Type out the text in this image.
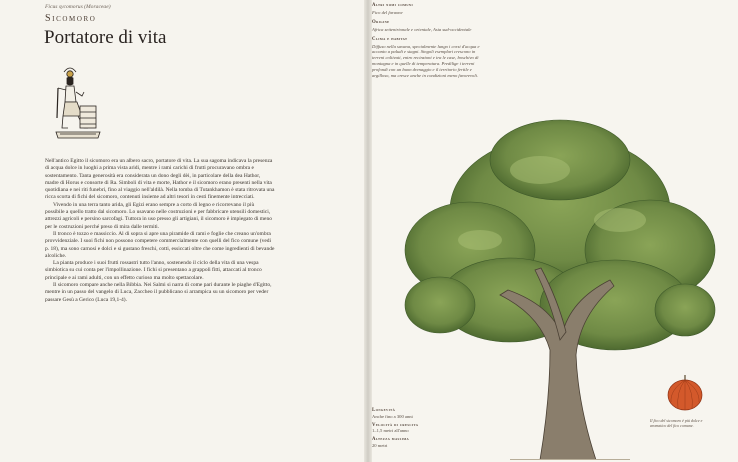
Ficus sycomorus (Moraceae)
Sicomoro
Portatore di vita

Nell'antico Egitto il sicomoro era un albero sacro, portatore di vita. La sua sagoma indicava la presenza di acqua dolce in luoghi a prima vista aridi, mentre i rami carichi di frutti procuravano ombra e sostentamento. Tanta generosità era considerata un dono degli dèi, in particolare della dea Hathor, madre di Horus e consorte di Ra. Simboli di vita e morte, Hathor e il sicomoro erano presenti nella vita quotidiana e nei riti funebri, fino al viaggio nell'aldilà. Nella tomba di Tutankhamon è stata ritrovata una ricca scorta di fichi del sicomoro, contenuti insieme ad altri tesori in cesti finemente intrecciati.

Vivendo in una terra tanto arida, gli Egizi erano sempre a corto di legno e ricorrevano il più possibile a quello tratto dal sicomoro. Lo usavano nelle costruzioni e per fabbricare utensili domestici, attrezzi agricoli e persino sarcofagi. Tuttora in uso presso gli artigiani, il sicomoro è impiegato di meno per le costruzioni perché preso di mira dalle termiti.

Il tronco è tozzo e massiccio. Al di sopra si apre una piramide di rami e foglie che creano un'ombra provvidenziale. I suoi fichi non possono competere commercialmente con quelli del fico comune (vedi p. 18), ma sono carnosi e dolci e si gustano freschi, cotti, essiccati oltre che come ingredienti di bevande alcoliche.

La pianta produce i suoi frutti rossastri tutto l'anno, sostenendo il ciclo della vita di una vespa simbiotica su cui conta per l'impollinazione. I fichi si presentano a grappoli fitti, attaccati al tronco principale e ai rami adulti, con un effetto curioso ma molto spettacolare.

Il sicomoro compare anche nella Bibbia. Nei Salmi si narra di come pari durante le piaghe d'Egitto, mentre in un passo del vangelo di Luca, Zaccheo il pubblicano si arrampica su un sicomoro per veder passare Gesù a Gerico (Luca 19,1-4).

Altri nomi comuni
Fico del faraone
Origine
Africa settentrionale e orientale, Asia sud-occidentale
Clima e habitat
Diffuso nella savana, specialmente lungo i corsi d'acqua e accanto a paludi e stagni. Singoli esemplari crescono in terreni coltivati, entro recinzioni e tra le case, boschivo di montagna e in quelle di temperatura. Predilige i terreni profondi con un buon drenaggio e il territorio fertile e argilloso, ma cresce anche in condizioni meno favorevoli.
Longevità
Anche fino a 300 anni
Velocità di crescita
1–1,5 metri all'anno
Altezza massima
20 metri
Il fico del sicomoro è più dolce e aromatico del fico comune.
